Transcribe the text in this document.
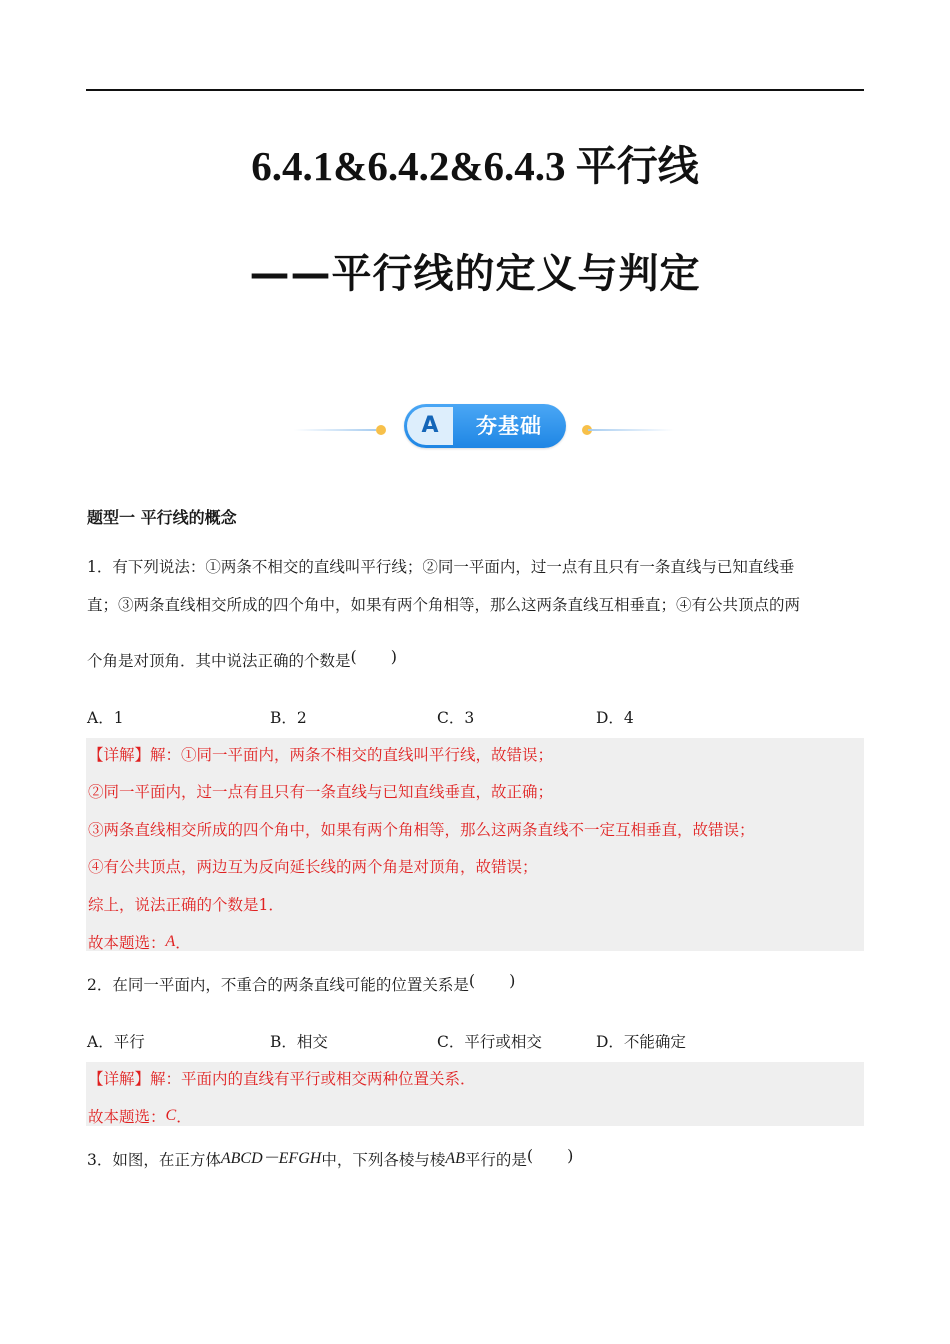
6.4.1&6.4.2&6.4.3 平行线
——平行线的定义与判定
A	夯基础
题型一 平行线的概念
1．有下列说法：①两条不相交的直线叫平行线；②同一平面内，过一点有且只有一条直线与已知直线垂
直；③两条直线相交所成的四个角中，如果有两个角相等，那么这两条直线互相垂直；④有公共顶点的两
个角是对顶角．其中说法正确的个数是( )
A．1	B．2	C．3	D．4
【详解】解：①同一平面内，两条不相交的直线叫平行线，故错误；
②同一平面内，过一点有且只有一条直线与已知直线垂直，故正确；
③两条直线相交所成的四个角中，如果有两个角相等，那么这两条直线不一定互相垂直，故错误；
④有公共顶点，两边互为反向延长线的两个角是对顶角，故错误；
综上，说法正确的个数是1．
故本题选：A．
2．在同一平面内，不重合的两条直线可能的位置关系是( )
A．平行	B．相交	C．平行或相交	D．不能确定
【详解】解：平面内的直线有平行或相交两种位置关系．
故本题选：C．
3．如图，在正方体ABCD－EFGH中，下列各棱与棱AB平行的是( )
